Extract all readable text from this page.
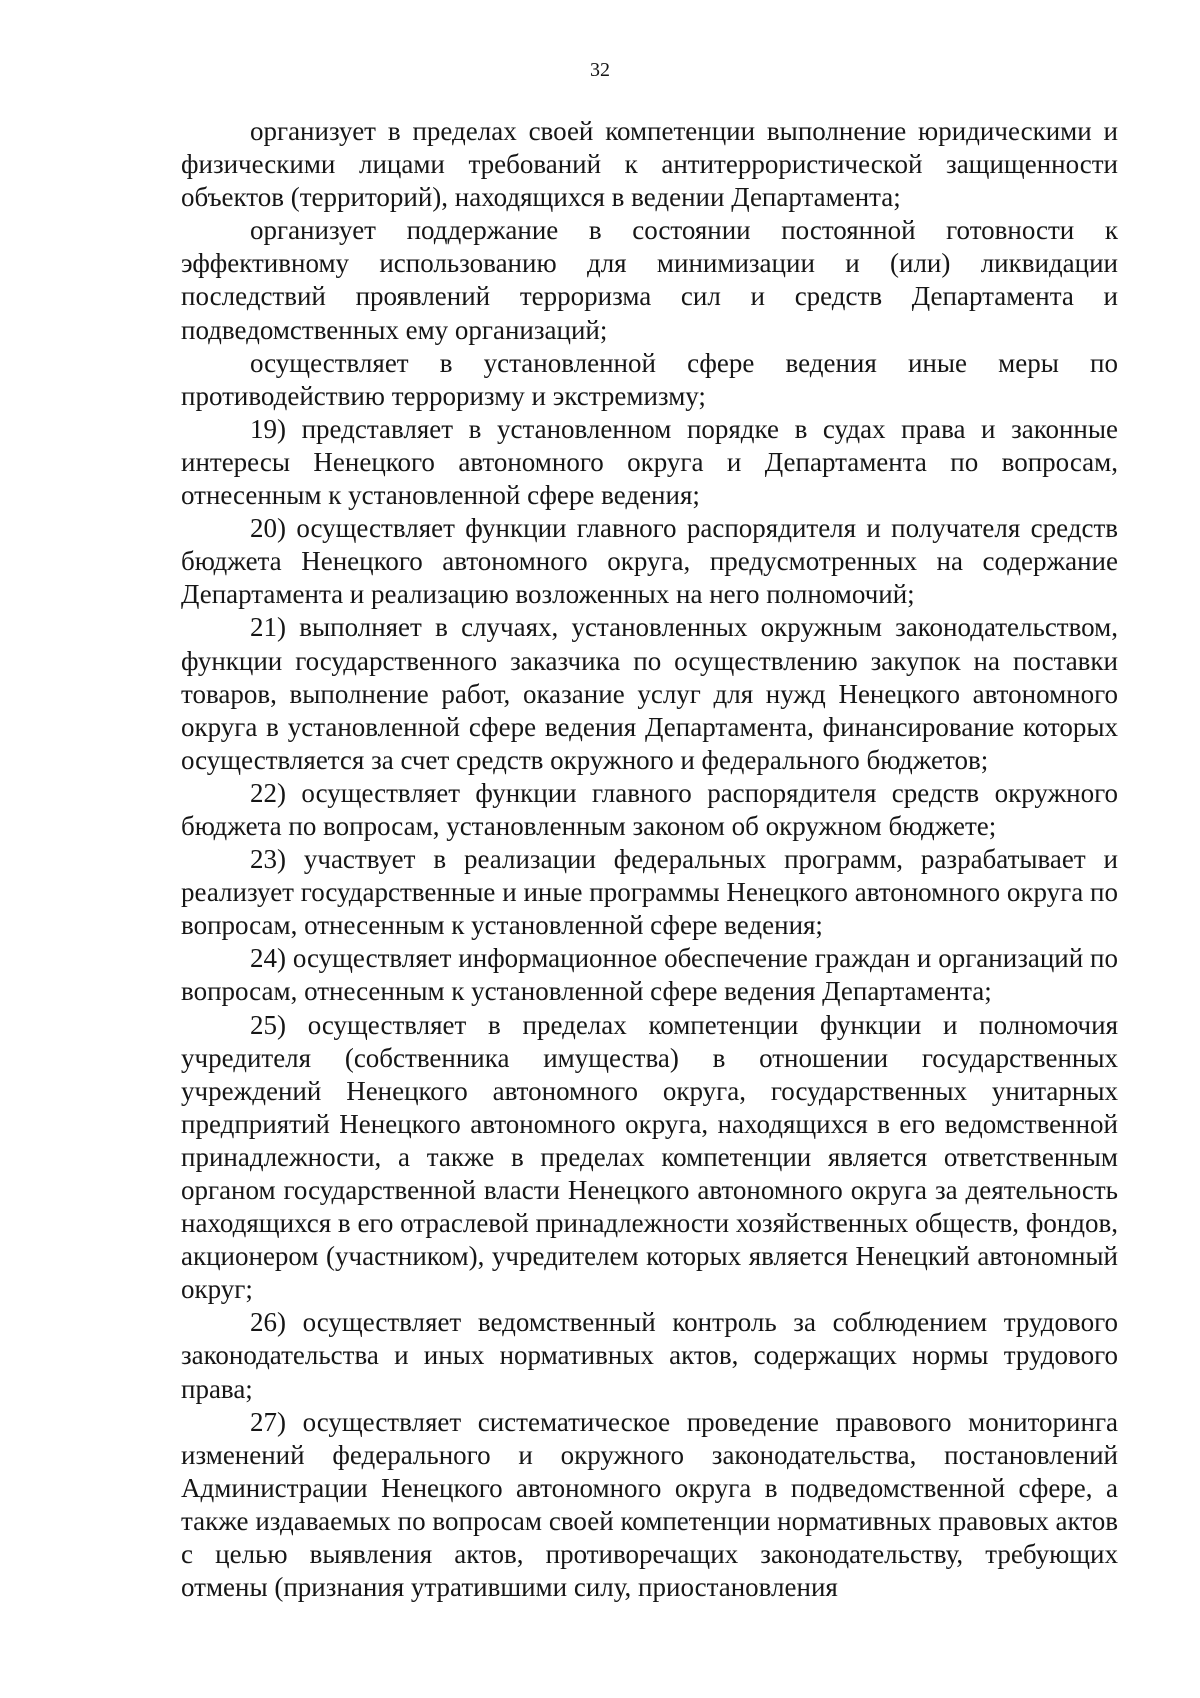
32

организует в пределах своей компетенции выполнение юридическими и физическими лицами требований к антитеррористической защищенности объектов (территорий), находящихся в ведении Департамента;

организует поддержание в состоянии постоянной готовности к эффективному использованию для минимизации и (или) ликвидации последствий проявлений терроризма сил и средств Департамента и подведомственных ему организаций;

осуществляет в установленной сфере ведения иные меры по противодействию терроризму и экстремизму;

19) представляет в установленном порядке в судах права и законные интересы Ненецкого автономного округа и Департамента по вопросам, отнесенным к установленной сфере ведения;

20) осуществляет функции главного распорядителя и получателя средств бюджета Ненецкого автономного округа, предусмотренных на содержание Департамента и реализацию возложенных на него полномочий;

21) выполняет в случаях, установленных окружным законодательством, функции государственного заказчика по осуществлению закупок на поставки товаров, выполнение работ, оказание услуг для нужд Ненецкого автономного округа в установленной сфере ведения Департамента, финансирование которых осуществляется за счет средств окружного и федерального бюджетов;

22) осуществляет функции главного распорядителя средств окружного бюджета по вопросам, установленным законом об окружном бюджете;

23) участвует в реализации федеральных программ, разрабатывает и реализует государственные и иные программы Ненецкого автономного округа по вопросам, отнесенным к установленной сфере ведения;

24) осуществляет информационное обеспечение граждан и организаций по вопросам, отнесенным к установленной сфере ведения Департамента;

25) осуществляет в пределах компетенции функции и полномочия учредителя (собственника имущества) в отношении государственных учреждений Ненецкого автономного округа, государственных унитарных предприятий Ненецкого автономного округа, находящихся в его ведомственной принадлежности, а также в пределах компетенции является ответственным органом государственной власти Ненецкого автономного округа за деятельность находящихся в его отраслевой принадлежности хозяйственных обществ, фондов, акционером (участником), учредителем которых является Ненецкий автономный округ;

26) осуществляет ведомственный контроль за соблюдением трудового законодательства и иных нормативных актов, содержащих нормы трудового права;

27) осуществляет систематическое проведение правового мониторинга изменений федерального и окружного законодательства, постановлений Администрации Ненецкого автономного округа в подведомственной сфере, а также издаваемых по вопросам своей компетенции нормативных правовых актов с целью выявления актов, противоречащих законодательству, требующих отмены (признания утратившими силу, приостановления
